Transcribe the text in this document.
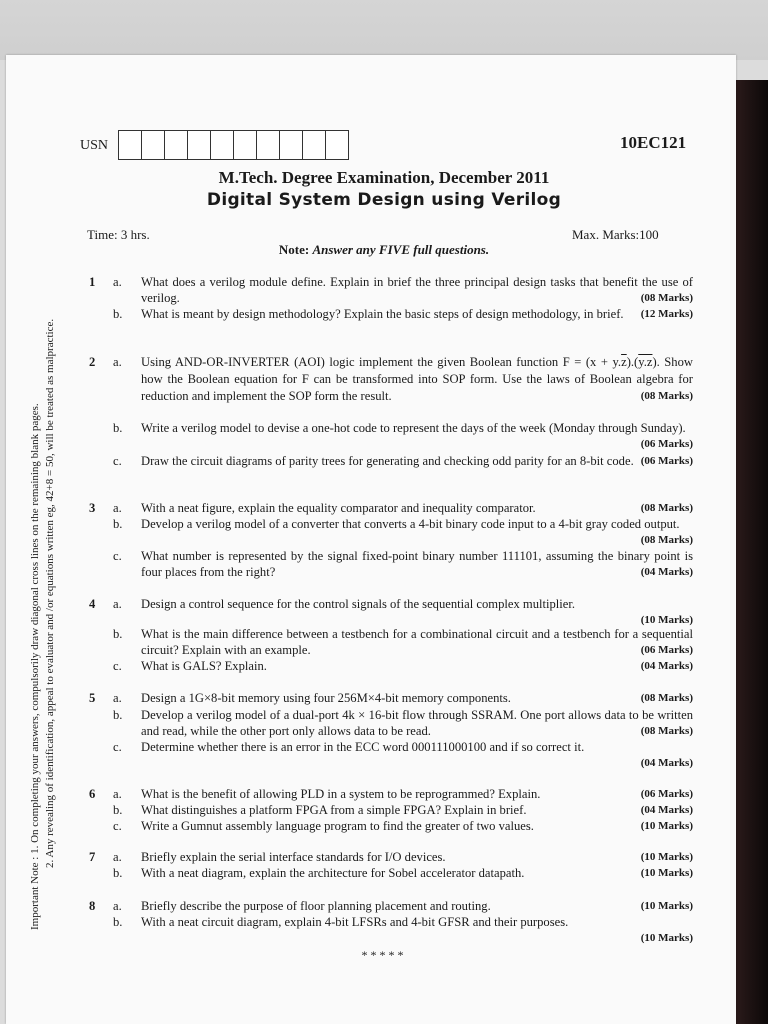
USN	10EC121
M.Tech. Degree Examination, December 2011
Digital System Design using Verilog
Time: 3 hrs.	Max. Marks:100
Note: Answer any FIVE full questions.
1 a. What does a verilog module define. Explain in brief the three principal design tasks that benefit the use of verilog.	(08 Marks)
b. What is meant by design methodology? Explain the basic steps of design methodology, in brief. (12 Marks)
2 a. Using AND-OR-INVERTER (AOI) logic implement the given Boolean function $F = (x + y.\overline{z}).(y.z)$. Show how the Boolean equation for F can be transformed into SOP form. Use the laws of Boolean algebra for reduction and implement the SOP form the result.	(08 Marks)
b. Write a verilog model to devise a one-hot code to represent the days of the week (Monday through Sunday).
(06 Marks)
c. Draw the circuit diagrams of parity trees for generating and checking odd parity for an 8-bit code. (06 Marks)
3 a. With a neat figure, explain the equality comparator and inequality comparator.	(08 Marks)
b. Develop a verilog model of a converter that converts a 4-bit binary code input to a 4-bit gray coded output.
(08 Marks)
c. What number is represented by the signal fixed-point binary number 111101, assuming the binary point is four places from the right?	(04 Marks)
4 a. Design a control sequence for the control signals of the sequential complex multiplier.

(10 Marks)
b. What is the main difference between a testbench for a combinational circuit and a testbench for a sequential circuit? Explain with an example.	(06 Marks)
c. What is GALS? Explain.	(04 Marks)
5 a. Design a 1G×8-bit memory using four 256M×4-bit memory components.	(08 Marks)
b. Develop a verilog model of a dual-port 4k × 16-bit flow through SSRAM. One port allows data to be written and read, while the other port only allows data to be read.	(08 Marks)
c. Determine whether there is an error in the ECC word 000111000100 and if so correct it.

(04 Marks)
6 a. What is the benefit of allowing PLD in a system to be reprogrammed? Explain.	(06 Marks)
b. What distinguishes a platform FPGA from a simple FPGA? Explain in brief.	(04 Marks)
c. Write a Gumnut assembly language program to find the greater of two values.	(10 Marks)
7 a. Briefly explain the serial interface standards for I/O devices.	(10 Marks)
b. With a neat diagram, explain the architecture for Sobel accelerator datapath.	(10 Marks)
8 a. Briefly describe the purpose of floor planning placement and routing.	(10 Marks)
b. With a neat circuit diagram, explain 4-bit LFSRs and 4-bit GFSR and their purposes.

(10 Marks)
*****
Important Note : 1. On completing your answers, compulsorily draw diagonal cross lines on the remaining blank pages. 2. Any revealing of identification, appeal to evaluator and /or equations written eg, 42+8 = 50, will be treated as malpractice.
